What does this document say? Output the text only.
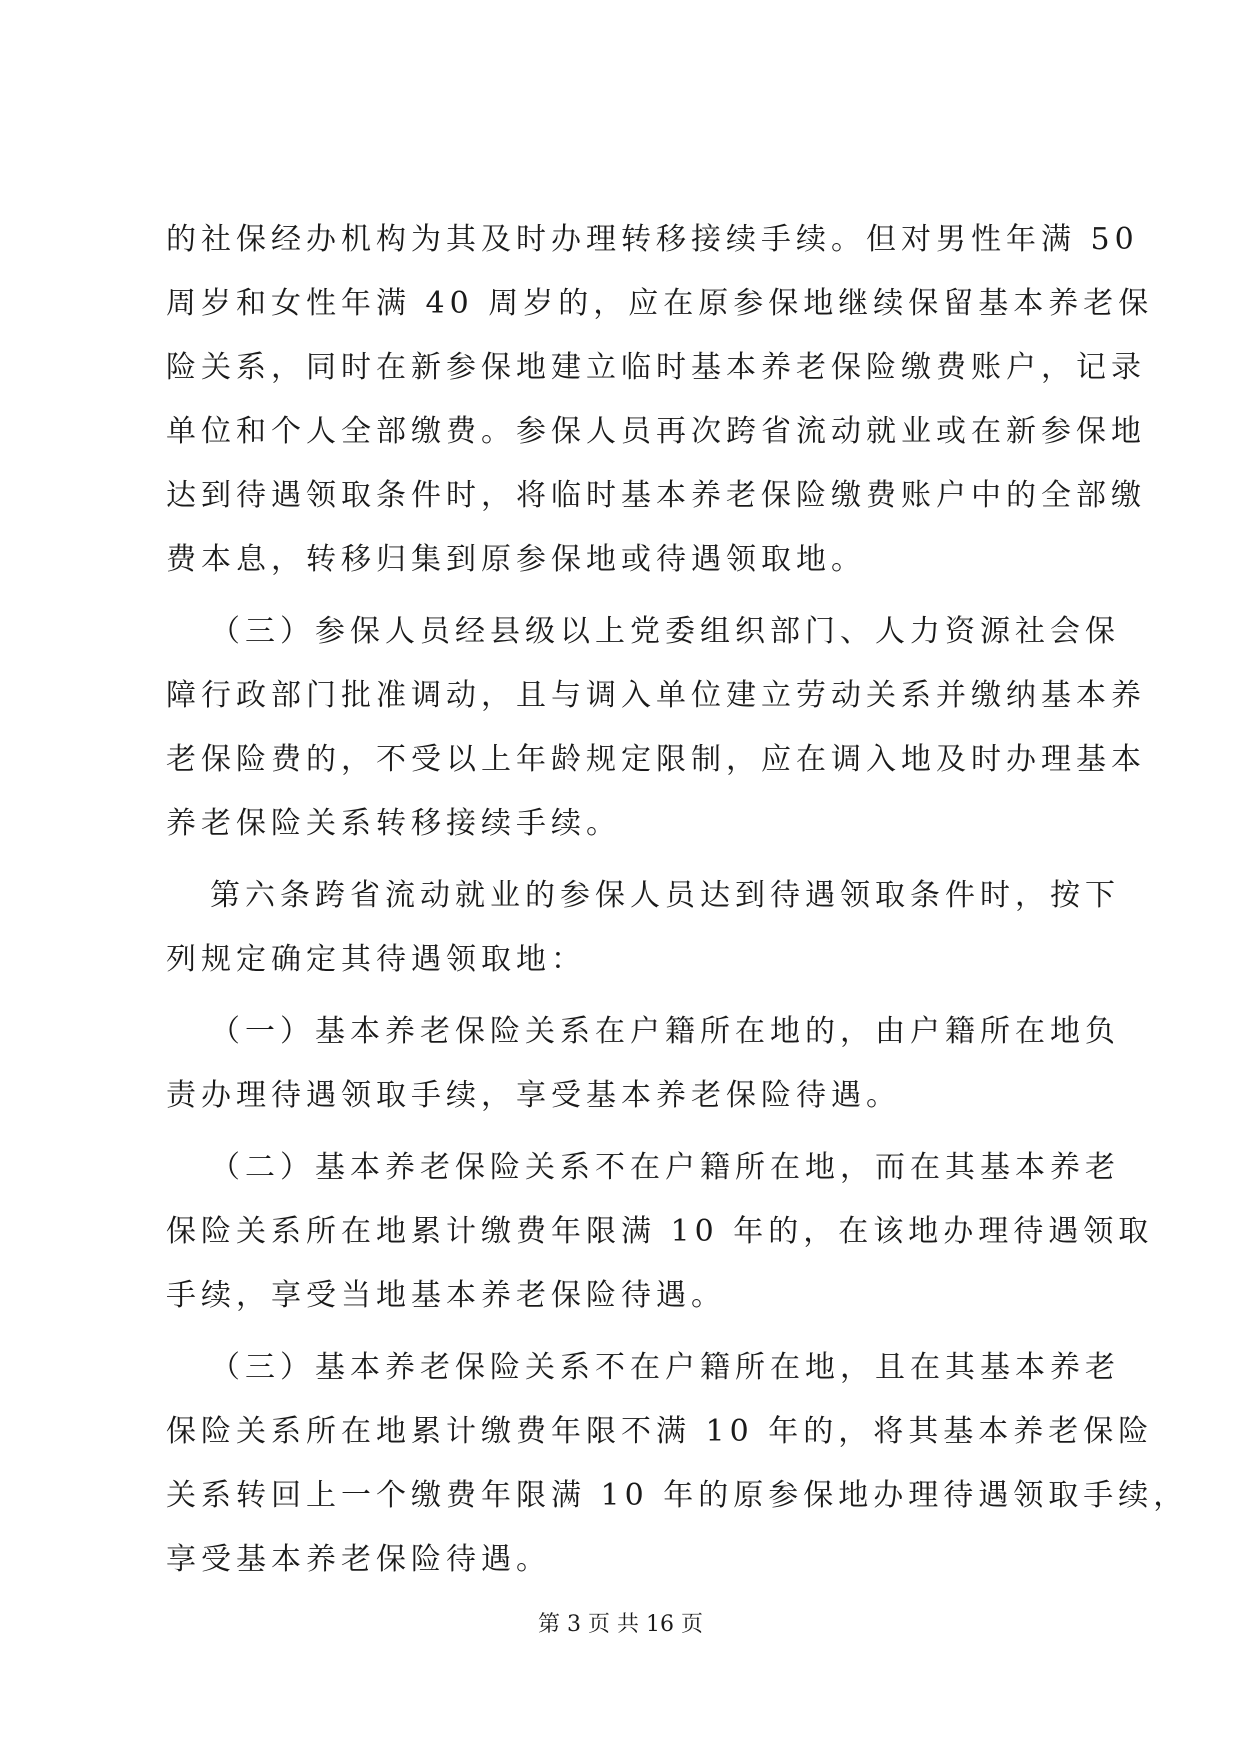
的社保经办机构为其及时办理转移接续手续。但对男性年满 50
周岁和女性年满 40 周岁的，应在原参保地继续保留基本养老保
险关系，同时在新参保地建立临时基本养老保险缴费账户，记录
单位和个人全部缴费。参保人员再次跨省流动就业或在新参保地
达到待遇领取条件时，将临时基本养老保险缴费账户中的全部缴
费本息，转移归集到原参保地或待遇领取地。
（三）参保人员经县级以上党委组织部门、人力资源社会保
障行政部门批准调动，且与调入单位建立劳动关系并缴纳基本养
老保险费的，不受以上年龄规定限制，应在调入地及时办理基本
养老保险关系转移接续手续。
第六条跨省流动就业的参保人员达到待遇领取条件时，按下
列规定确定其待遇领取地：
（一）基本养老保险关系在户籍所在地的，由户籍所在地负
责办理待遇领取手续，享受基本养老保险待遇。
（二）基本养老保险关系不在户籍所在地，而在其基本养老
保险关系所在地累计缴费年限满 10 年的，在该地办理待遇领取
手续，享受当地基本养老保险待遇。
（三）基本养老保险关系不在户籍所在地，且在其基本养老
保险关系所在地累计缴费年限不满 10 年的，将其基本养老保险
关系转回上一个缴费年限满 10 年的原参保地办理待遇领取手续，
享受基本养老保险待遇。
第 3 页 共 16 页
